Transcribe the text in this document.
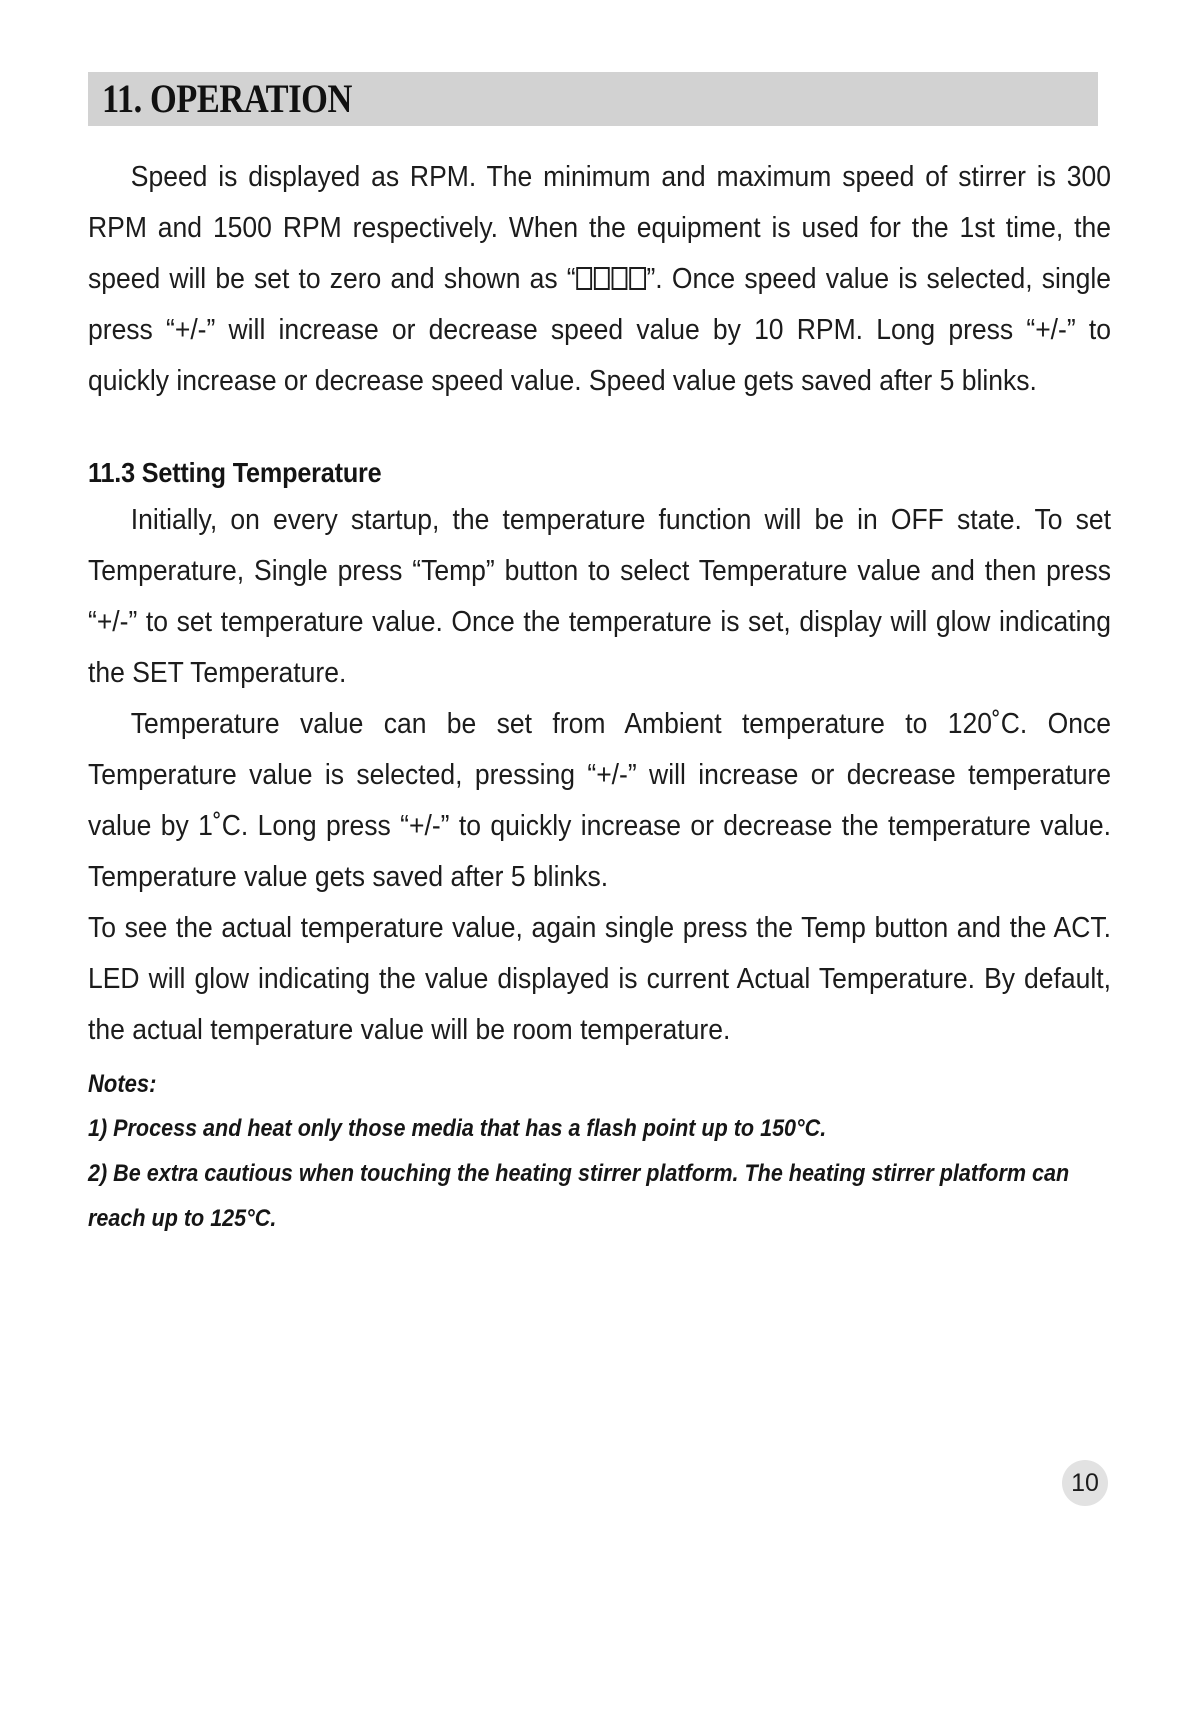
11. OPERATION

Speed is displayed as RPM. The minimum and maximum speed of stirrer is 300 RPM and 1500 RPM respectively. When the equipment is used for the 1st time, the speed will be set to zero and shown as “ ”. Once speed value is selected, single press “+/-” will increase or decrease speed value by 10 RPM. Long press “+/-” to quickly increase or decrease speed value. Speed value gets saved after 5 blinks.

11.3 Setting Temperature

Initially, on every startup, the temperature function will be in OFF state. To set Temperature, Single press “Temp” button to select Temperature value and then press “+/-” to set temperature value. Once the temperature is set, display will glow indicating the SET Temperature.

Temperature value can be set from Ambient temperature to 120˚C. Once Temperature value is selected, pressing “+/-” will increase or decrease temperature value by 1˚C. Long press “+/-” to quickly increase or decrease the temperature value. Temperature value gets saved after 5 blinks.

To see the actual temperature value, again single press the Temp button and the ACT. LED will glow indicating the value displayed is current Actual Temperature. By default, the actual temperature value will be room temperature.

Notes:

1) Process and heat only those media that has a flash point up to 150°C.

2) Be extra cautious when touching the heating stirrer platform. The heating stirrer platform can reach up to 125°C.

10
